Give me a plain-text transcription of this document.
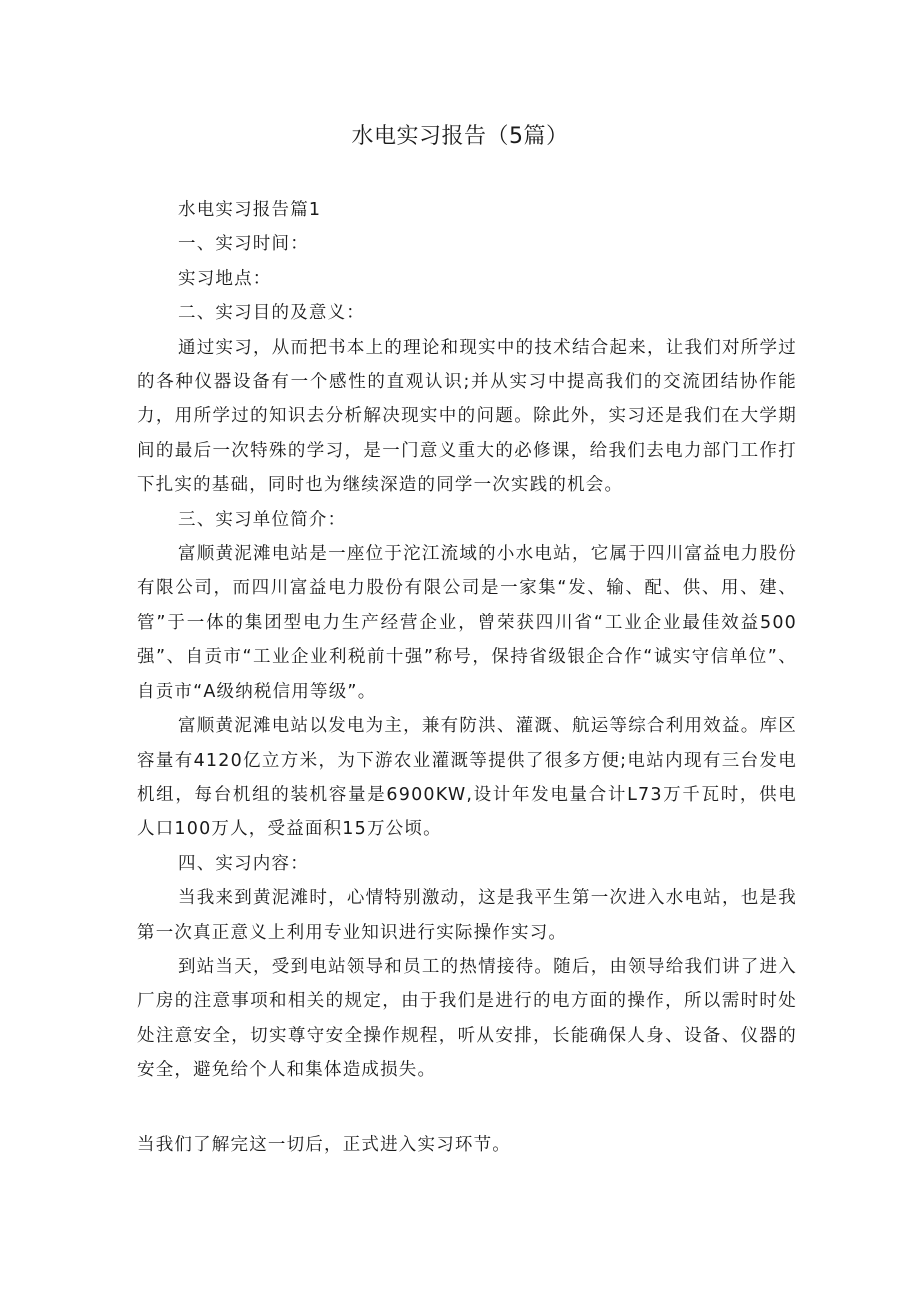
水电实习报告（5篇）

水电实习报告篇1

一、实习时间：

实习地点：

二、实习目的及意义：

通过实习，从而把书本上的理论和现实中的技术结合起来，让我们对所学过的各种仪器设备有一个感性的直观认识;并从实习中提高我们的交流团结协作能力，用所学过的知识去分析解决现实中的问题。除此外，实习还是我们在大学期间的最后一次特殊的学习，是一门意义重大的必修课，给我们去电力部门工作打下扎实的基础，同时也为继续深造的同学一次实践的机会。

三、实习单位简介：

富顺黄泥滩电站是一座位于沱江流域的小水电站，它属于四川富益电力股份有限公司，而四川富益电力股份有限公司是一家集“发、输、配、供、用、建、管”于一体的集团型电力生产经营企业，曾荣获四川省“工业企业最佳效益500强”、自贡市“工业企业利税前十强”称号，保持省级银企合作“诚实守信单位”、自贡市“A级纳税信用等级”。

富顺黄泥滩电站以发电为主，兼有防洪、灌溉、航运等综合利用效益。库区容量有4120亿立方米，为下游农业灌溉等提供了很多方便;电站内现有三台发电机组，每台机组的装机容量是6900KW,设计年发电量合计L73万千瓦时，供电人口100万人，受益面积15万公顷。

四、实习内容：

当我来到黄泥滩时，心情特别激动，这是我平生第一次进入水电站，也是我第一次真正意义上利用专业知识进行实际操作实习。

到站当天，受到电站领导和员工的热情接待。随后，由领导给我们讲了进入厂房的注意事项和相关的规定，由于我们是进行的电方面的操作，所以需时时处处注意安全，切实尊守安全操作规程，听从安排，长能确保人身、设备、仪器的安全，避免给个人和集体造成损失。

当我们了解完这一切后，正式进入实习环节。
